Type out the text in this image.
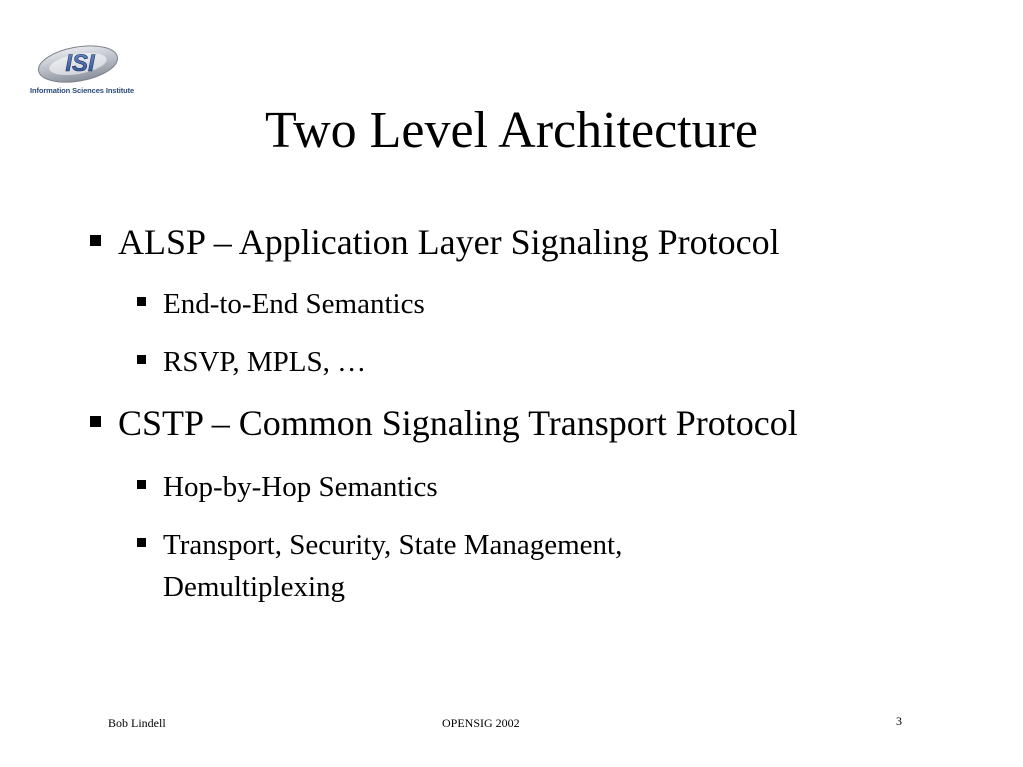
ISI
Information Sciences Institute
Two Level Architecture
ALSP – Application Layer Signaling Protocol
End-to-End Semantics
RSVP, MPLS, …
CSTP – Common Signaling Transport Protocol
Hop-by-Hop Semantics
Transport, Security, State Management,
Demultiplexing
Bob Lindell	OPENSIG 2002	3
